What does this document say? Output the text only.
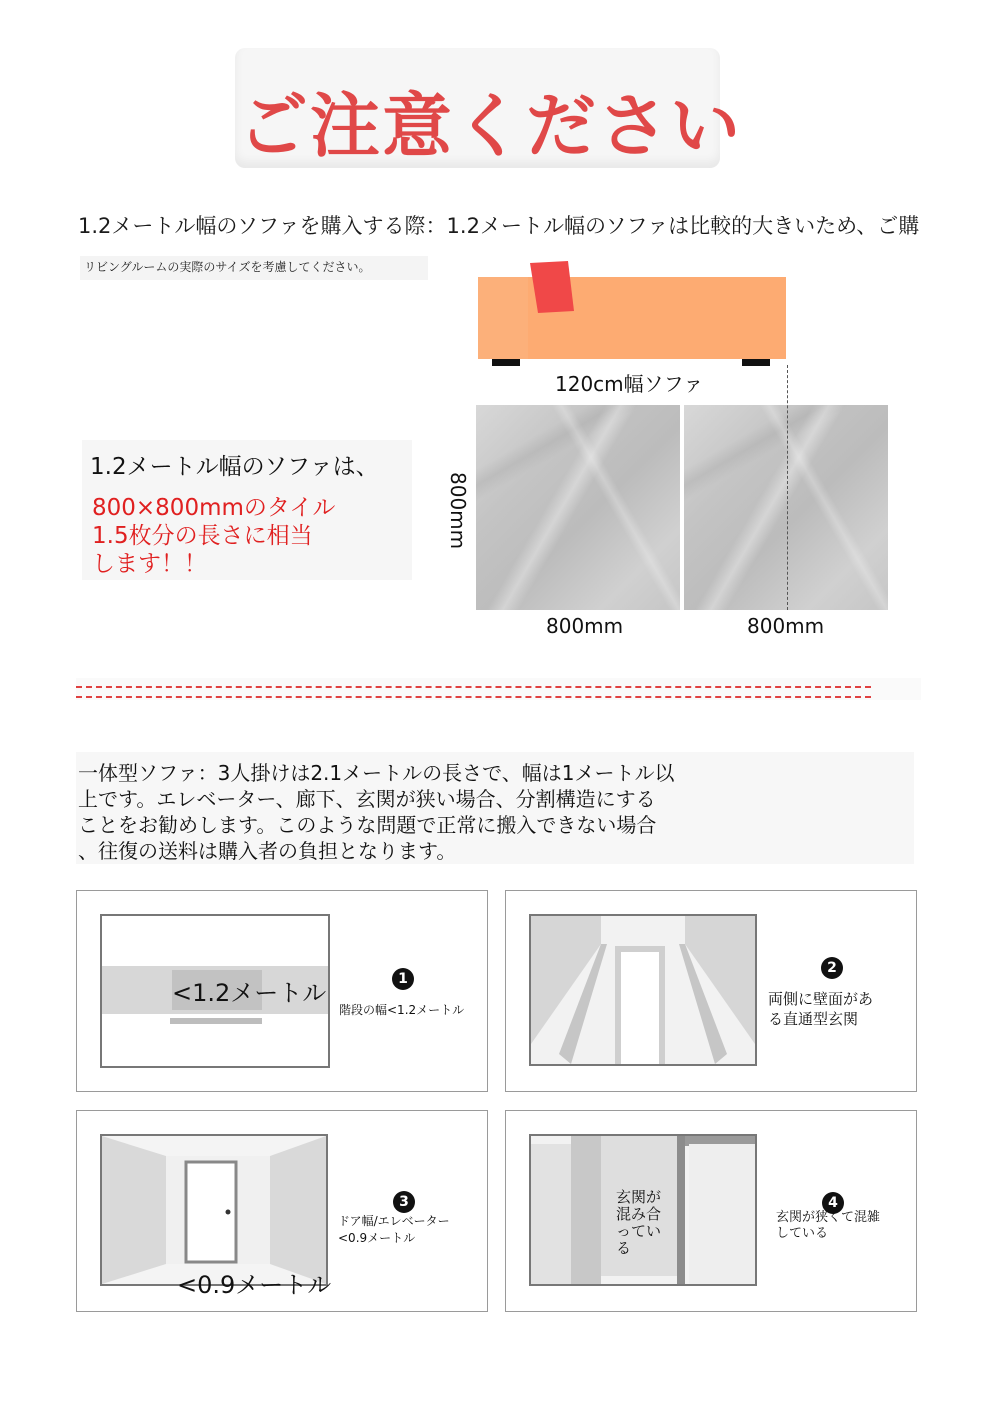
ご注意ください
1.2メートル幅のソファを購入する際：1.2メートル幅のソファは比較的大きいため、ご購
リビングルームの実際のサイズを考慮してください。
120cm幅ソファ
800mm
800mm	800mm
1.2メートル幅のソファは、
800×800mmのタイル
1.5枚分の長さに相当
します！！
一体型ソファ：3人掛けは2.1メートルの長さで、幅は1メートル以
上です。エレベーター、廊下、玄関が狭い場合、分割構造にする
ことをお勧めします。このような問題で正常に搬入できない場合
、往復の送料は購入者の負担となります。
<1.2メートル	1
階段の幅<1.2メートル
2
両側に壁面があ
る直通型玄関
<0.9メートル
3
ドア幅/エレベーター
<0.9メートル
玄関が
混み合
ってい
る
4
玄関が狭くて混雑
している
